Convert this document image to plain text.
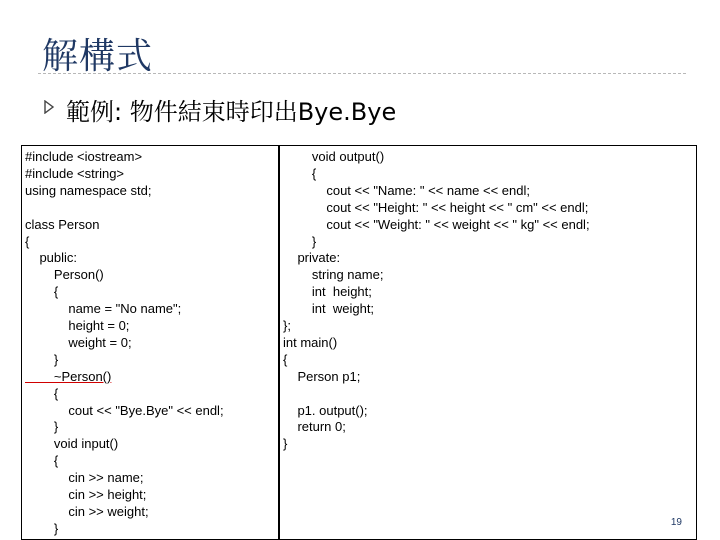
解構式
範例: 物件結束時印出Bye.Bye
#include <iostream>
#include <string>
using namespace std;
class Person
{
public:
Person()
{
name = "No name";
height = 0;
weight = 0;
}
~Person()
{
cout << "Bye.Bye" << endl;
}
void input()
{
cin >> name;
cin >> height;
cin >> weight;
}
void output()
{
cout << "Name: " << name << endl;
cout << "Height: " << height << " cm" << endl;
cout << "Weight: " << weight << " kg" << endl;
}
private:
string name;
int  height;
int  weight;
};
int main()
{
Person p1;
p1. output();
return 0;
}
19
